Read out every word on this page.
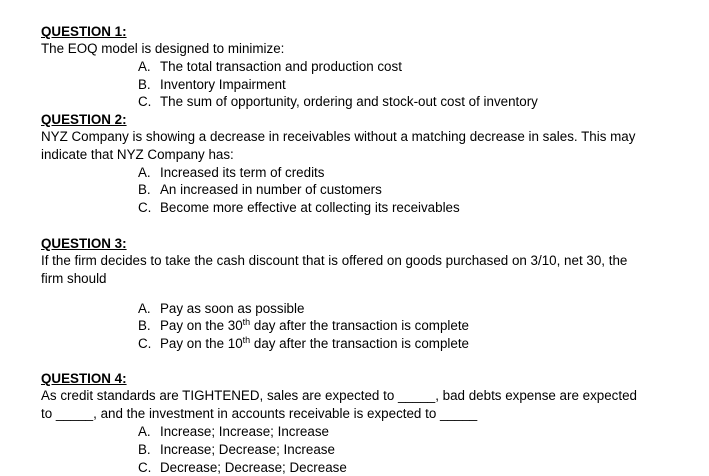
QUESTION 1:
The EOQ model is designed to minimize:
A. The total transaction and production cost
B. Inventory Impairment
C. The sum of opportunity, ordering and stock-out cost of inventory
QUESTION 2:
NYZ Company is showing a decrease in receivables without a matching decrease in sales. This may
indicate that NYZ Company has:
A. Increased its term of credits
B. An increased in number of customers
C. Become more effective at collecting its receivables
QUESTION 3:
If the firm decides to take the cash discount that is offered on goods purchased on 3/10, net 30, the
firm should
A. Pay as soon as possible
B. Pay on the 30th day after the transaction is complete
C. Pay on the 10th day after the transaction is complete
QUESTION 4:
As credit standards are TIGHTENED, sales are expected to _____, bad debts expense are expected
to _____, and the investment in accounts receivable is expected to _____
A. Increase; Increase; Increase
B. Increase; Decrease; Increase
C. Decrease; Decrease; Decrease
